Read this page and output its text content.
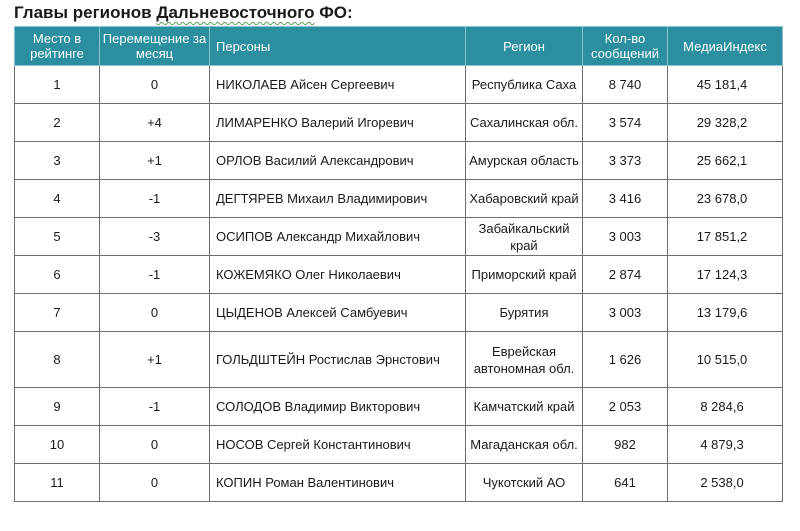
Главы регионов Дальневосточного ФО:
Место в рейтинге	Перемещение за месяц	Персоны	Регион	Кол-во сообщений	МедиаИндекс
1	0	НИКОЛАЕВ Айсен Сергеевич	Республика Саха	8 740	45 181,4
2	+4	ЛИМАРЕНКО Валерий Игоревич	Сахалинская обл.	3 574	29 328,2
3	+1	ОРЛОВ Василий Александрович	Амурская область	3 373	25 662,1
4	-1	ДЕГТЯРЕВ Михаил Владимирович	Хабаровский край	3 416	23 678,0
5	-3	ОСИПОВ Александр Михайлович	Забайкальский край	3 003	17 851,2
6	-1	КОЖЕМЯКО Олег Николаевич	Приморский край	2 874	17 124,3
7	0	ЦЫДЕНОВ Алексей Самбуевич	Бурятия	3 003	13 179,6
8	+1	ГОЛЬДШТЕЙН Ростислав Эрнстович	Еврейская автономная обл.	1 626	10 515,0
9	-1	СОЛОДОВ Владимир Викторович	Камчатский край	2 053	8 284,6
10	0	НОСОВ Сергей Константинович	Магаданская обл.	982	4 879,3
11	0	КОПИН Роман Валентинович	Чукотский АО	641	2 538,0
